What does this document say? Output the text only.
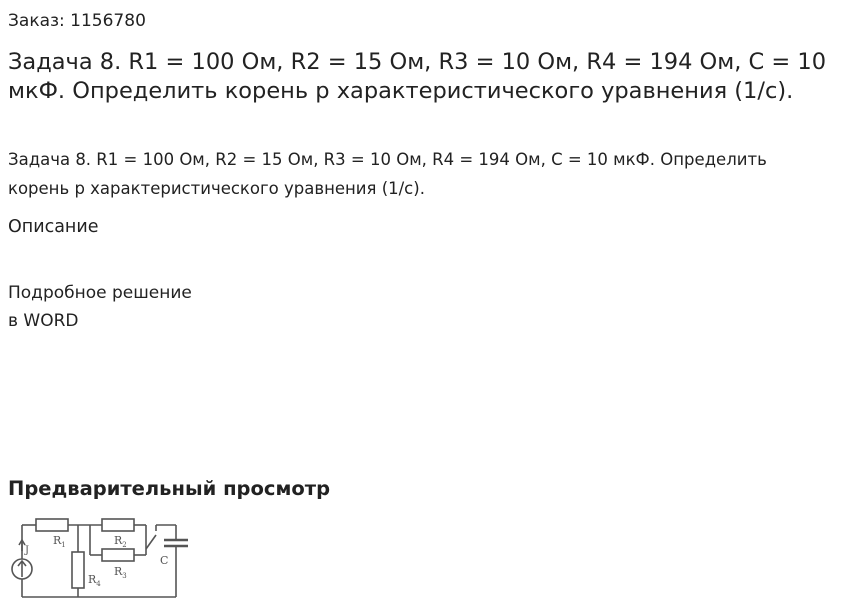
Заказ: 1156780
Задача 8. R1 = 100 Ом, R2 = 15 Ом, R3 = 10 Ом, R4 = 194 Ом, C = 10 мкФ. Определить корень p характеристического уравнения (1/с).

Задача 8. R1 = 100 Ом, R2 = 15 Ом, R3 = 10 Ом, R4 = 194 Ом, C = 10 мкФ. Определить корень p характеристического уравнения (1/с).

Описание
Подробное решение
в WORD
Предварительный просмотр
$R_1$	$R_2$
$R_3$
$R_4$
C
J
